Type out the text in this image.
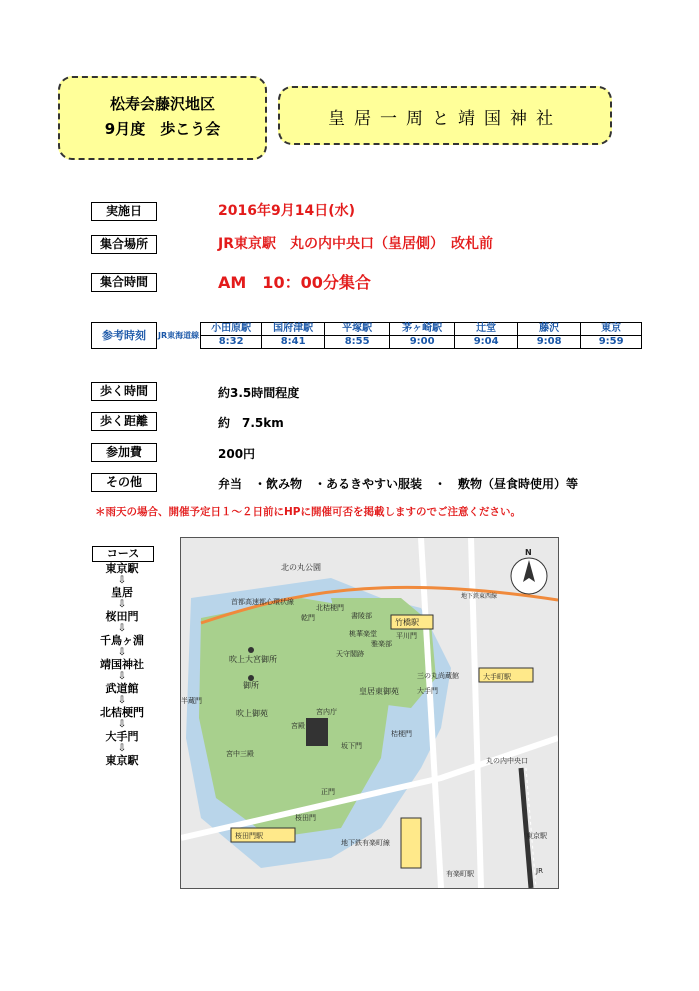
松寿会藤沢地区
9月度　歩こう会	皇居一周と靖国神社
実施日	2016年9月14日(水)
集合場所	JR東京駅　丸の内中央口（皇居側）　改札前
集合時間	AM　10：00分集合
参考時刻	JR東海道線	小田原駅	国府津駅	平塚駅	茅ヶ崎駅	辻堂	藤沢	東京
		8:32	8:41	8:55	9:00	9:04	9:08	9:59
歩く時間	約3.5時間程度
歩く距離	約　7.5km
参加費	200円
その他	弁当　・飲み物　・あるきやすい服装　・　敷物（昼食時使用）等
＊雨天の場合、開催予定日１～２日前にHPに開催可否を掲載しますのでご注意ください。
コース
東京駅
⇩
皇居
⇩
桜田門
⇩
千鳥ヶ淵
⇩
靖国神社
⇩
武道館
⇩
北桔梗門
⇩
大手門
⇩
東京駅
北の丸公園
首都高速都心環状線
竹橋駅
北桔梗門
乾門	書陵部
平川門
桃華楽堂
雅楽部
天守閣跡
吹上大宮御所
御所
吹上御苑
半蔵門
三の丸尚蔵館
大手門
皇居東御苑
宮内庁
宮殿
桔梗門
坂下門
宮中三殿
正門
大手町駅
地下鉄東西線
丸の内中央口
東京駅
地下鉄有楽町線
桜田門
桜田門駅
有楽町駅	JR
N
